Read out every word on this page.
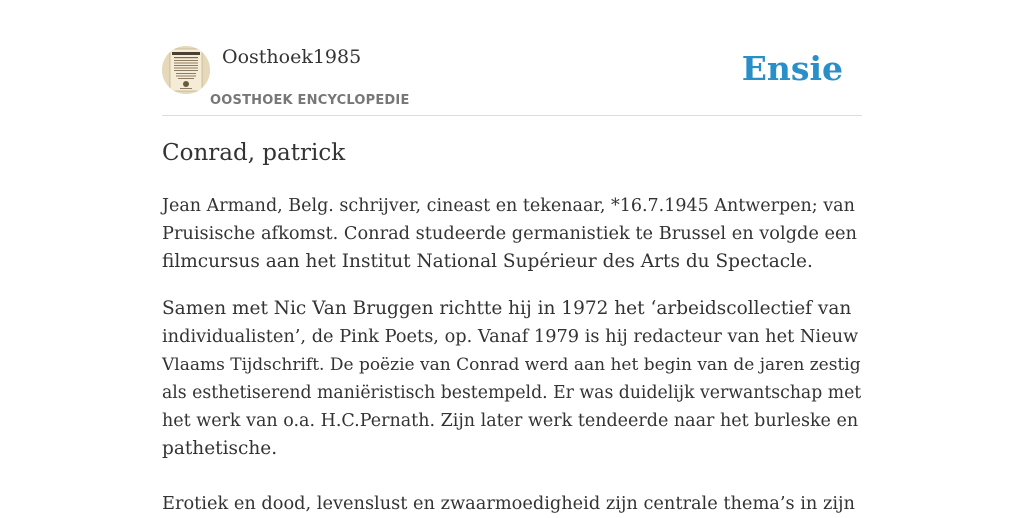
Oosthoek1985
OOSTHOEK ENCYCLOPEDIE
Ensie
Conrad, patrick

Jean Armand, Belg. schrijver, cineast en tekenaar, *16.7.1945 Antwerpen; van
Pruisische afkomst. Conrad studeerde germanistiek te Brussel en volgde een
filmcursus aan het Institut National Supérieur des Arts du Spectacle.

Samen met Nic Van Bruggen richtte hij in 1972 het ‘arbeidscollectief van
individualisten’, de Pink Poets, op. Vanaf 1979 is hij redacteur van het Nieuw
Vlaams Tijdschrift. De poëzie van Conrad werd aan het begin van de jaren zestig
als esthetiserend maniëristisch bestempeld. Er was duidelijk verwantschap met
het werk van o.a. H.C.Pernath. Zijn later werk tendeerde naar het burleske en
pathetische.

Erotiek en dood, levenslust en zwaarmoedigheid zijn centrale thema’s in zijn
